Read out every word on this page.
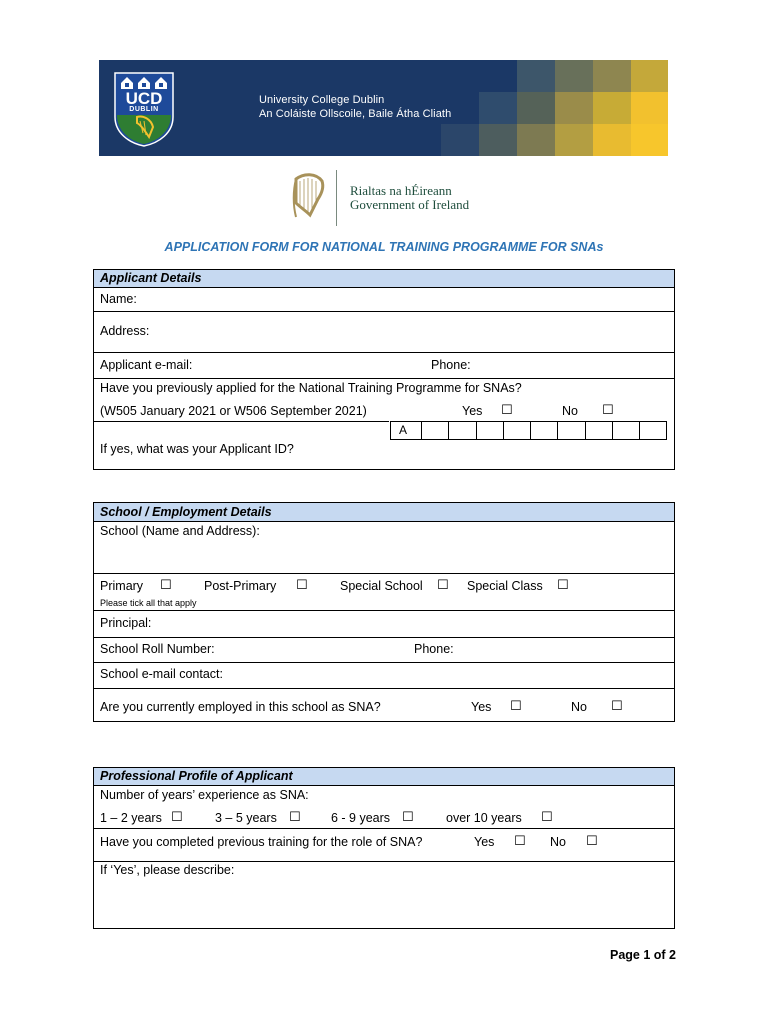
UCD
DUBLIN
University College Dublin
An Coláiste Ollscoile, Baile Átha Cliath
Rialtas na hÉireann
Government of Ireland
APPLICATION FORM FOR NATIONAL TRAINING PROGRAMME FOR SNAs
Applicant Details
Name:
Address:
Applicant e-mail:	Phone:
Have you previously applied for the National Training Programme for SNAs?
(W505 January 2021 or W506 September 2021)	Yes ☐	No ☐
A
If yes, what was your Applicant ID?
School / Employment Details
School (Name and Address):
Primary ☐	Post-Primary ☐	Special School ☐ Special Class ☐
Please tick all that apply
Principal:
School Roll Number:	Phone:
School e-mail contact:
Are you currently employed in this school as SNA?	Yes ☐	No ☐
Professional Profile of Applicant
Number of years’ experience as SNA:
1 – 2 years ☐	3 – 5 years ☐ 6 - 9 years ☐	over 10 years ☐
Have you completed previous training for the role of SNA?	Yes ☐ No ☐
If ‘Yes’, please describe:
Page 1 of 2
